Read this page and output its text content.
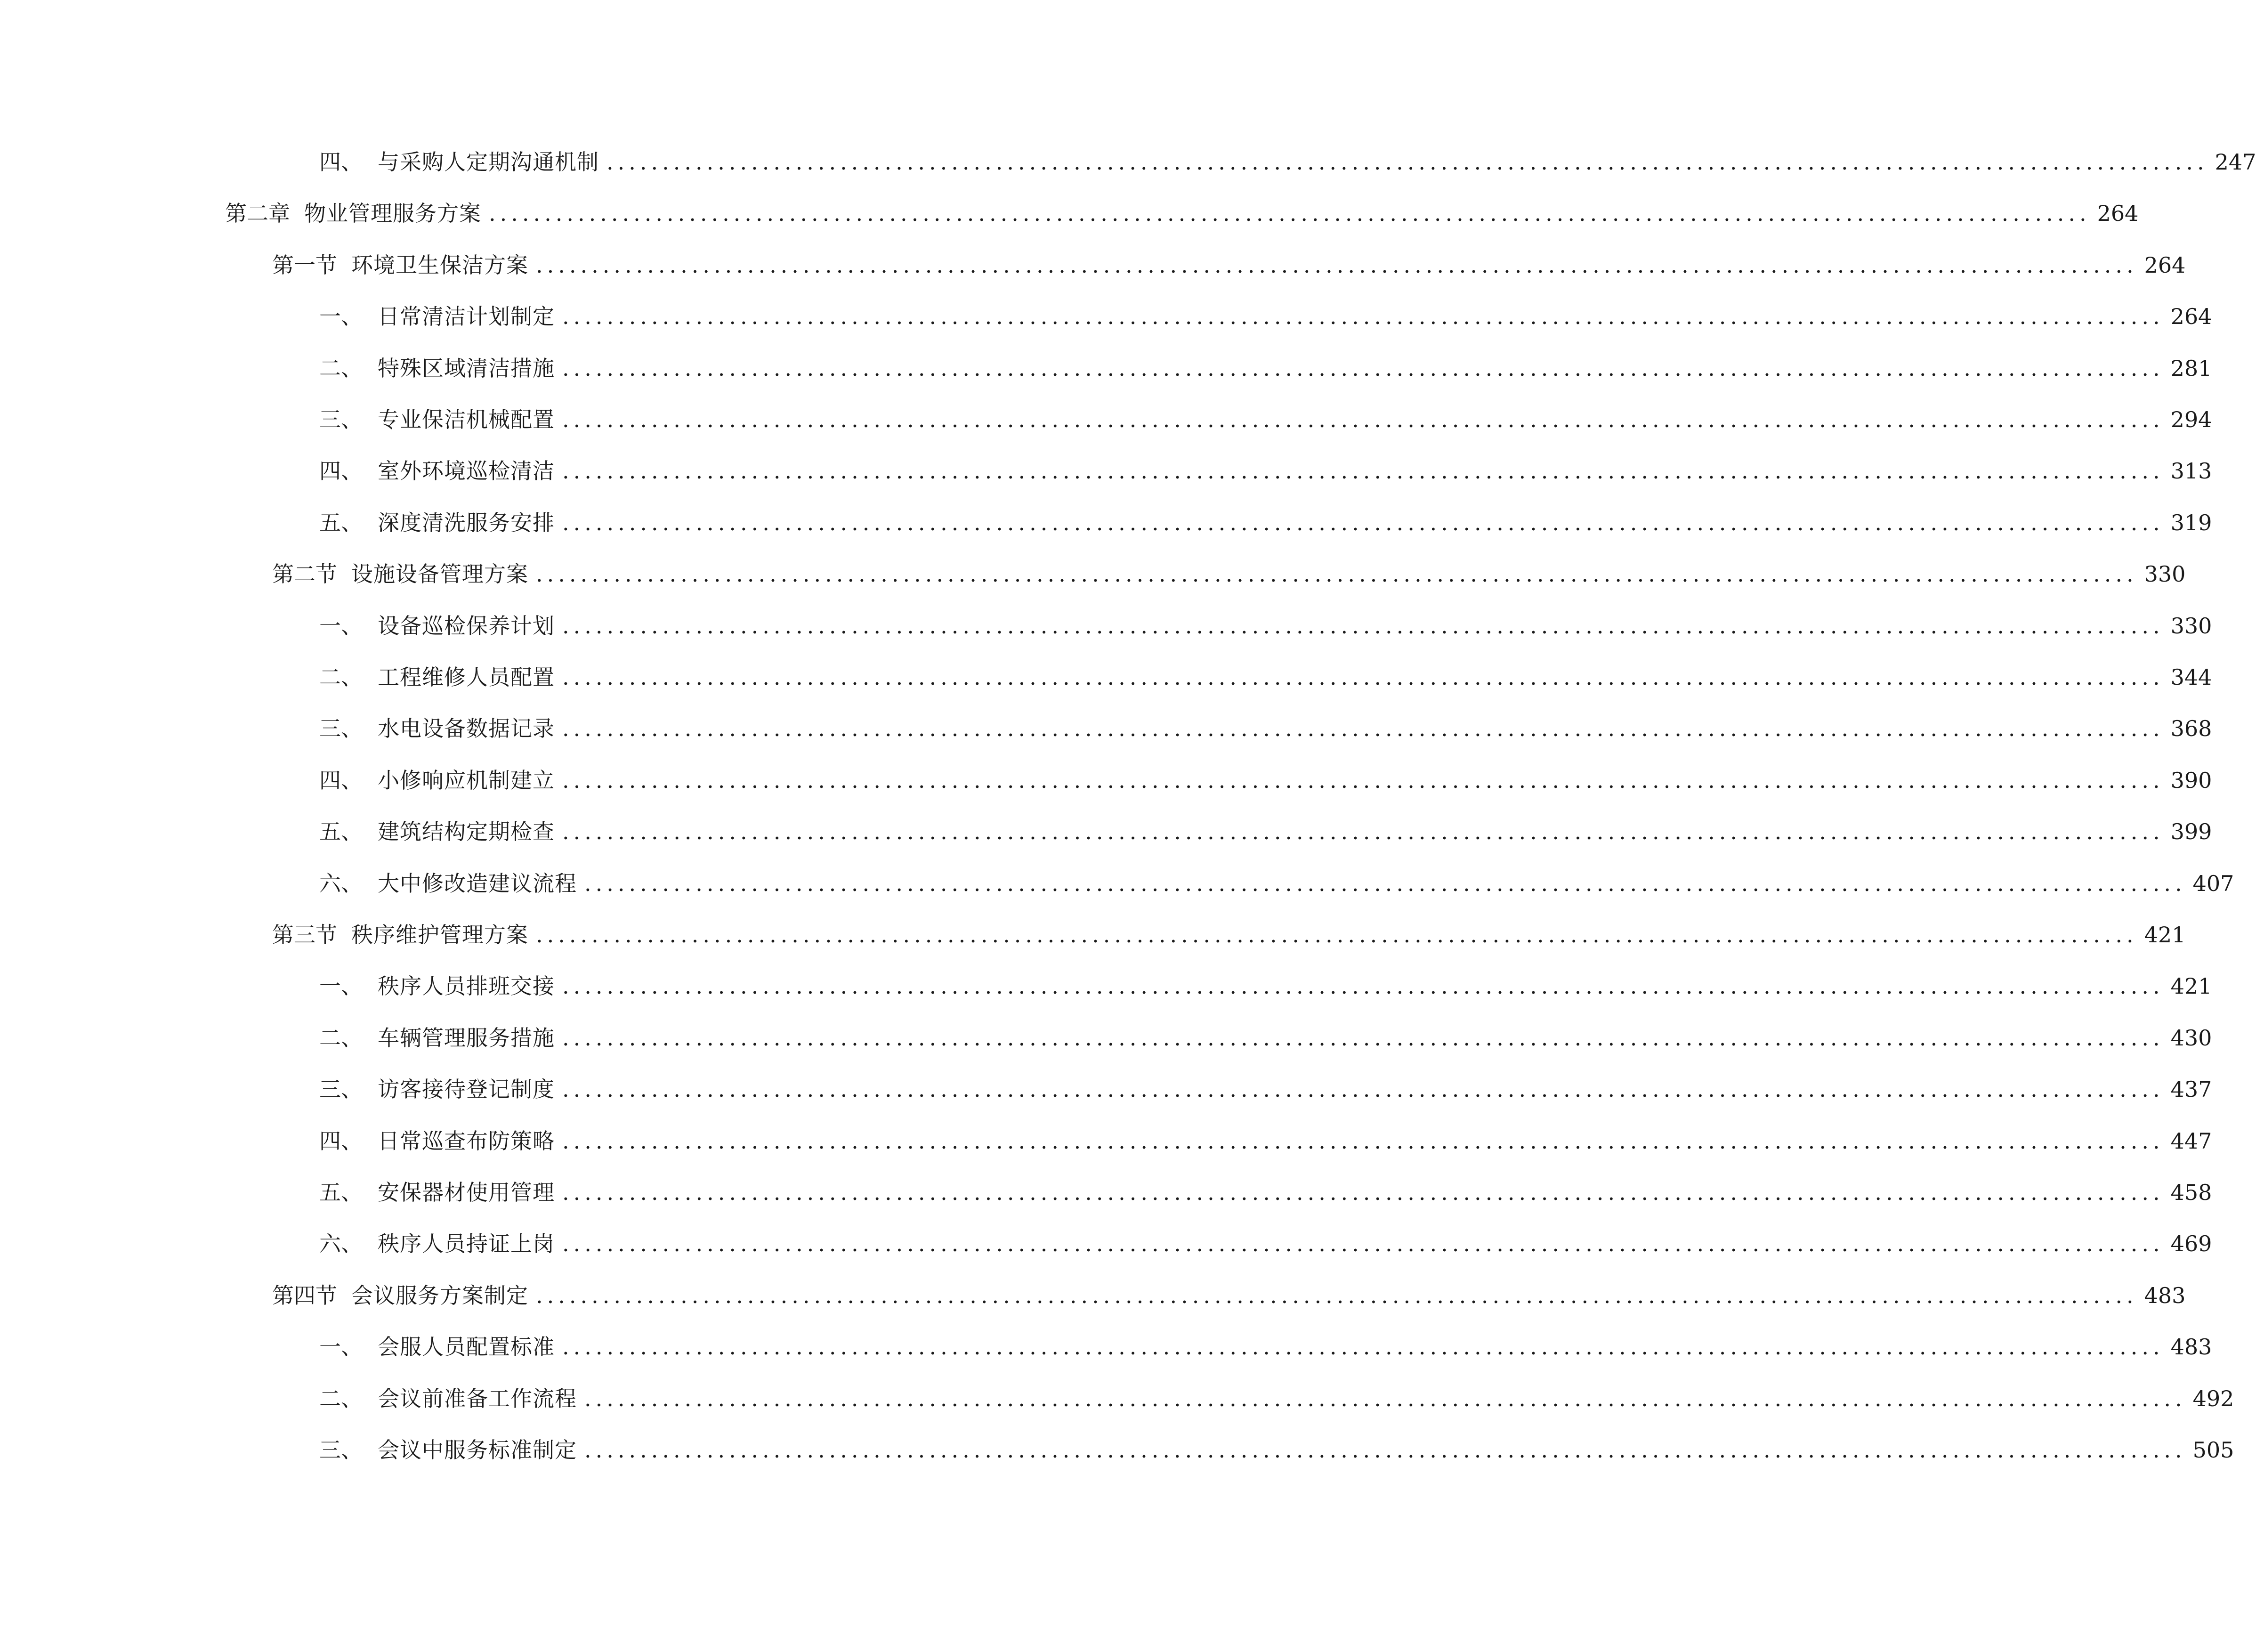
四、 与采购人定期沟通机制 ................................................................................................................................................ 247
第二章 物业管理服务方案 ................................................................................................................................................ 264
第一节 环境卫生保洁方案 ................................................................................................................................................ 264
一、 日常清洁计划制定 ................................................................................................................................................ 264
二、 特殊区域清洁措施 ................................................................................................................................................ 281
三、 专业保洁机械配置 ................................................................................................................................................ 294
四、 室外环境巡检清洁 ................................................................................................................................................ 313
五、 深度清洗服务安排 ................................................................................................................................................ 319
第二节 设施设备管理方案 ................................................................................................................................................ 330
一、 设备巡检保养计划 ................................................................................................................................................ 330
二、 工程维修人员配置 ................................................................................................................................................ 344
三、 水电设备数据记录 ................................................................................................................................................ 368
四、 小修响应机制建立 ................................................................................................................................................ 390
五、 建筑结构定期检查 ................................................................................................................................................ 399
六、 大中修改造建议流程 ................................................................................................................................................ 407
第三节 秩序维护管理方案 ................................................................................................................................................ 421
一、 秩序人员排班交接 ................................................................................................................................................ 421
二、 车辆管理服务措施 ................................................................................................................................................ 430
三、 访客接待登记制度 ................................................................................................................................................ 437
四、 日常巡查布防策略 ................................................................................................................................................ 447
五、 安保器材使用管理 ................................................................................................................................................ 458
六、 秩序人员持证上岗 ................................................................................................................................................ 469
第四节 会议服务方案制定 ................................................................................................................................................ 483
一、 会服人员配置标准 ................................................................................................................................................ 483
二、 会议前准备工作流程 ................................................................................................................................................ 492
三、 会议中服务标准制定 ................................................................................................................................................ 505
